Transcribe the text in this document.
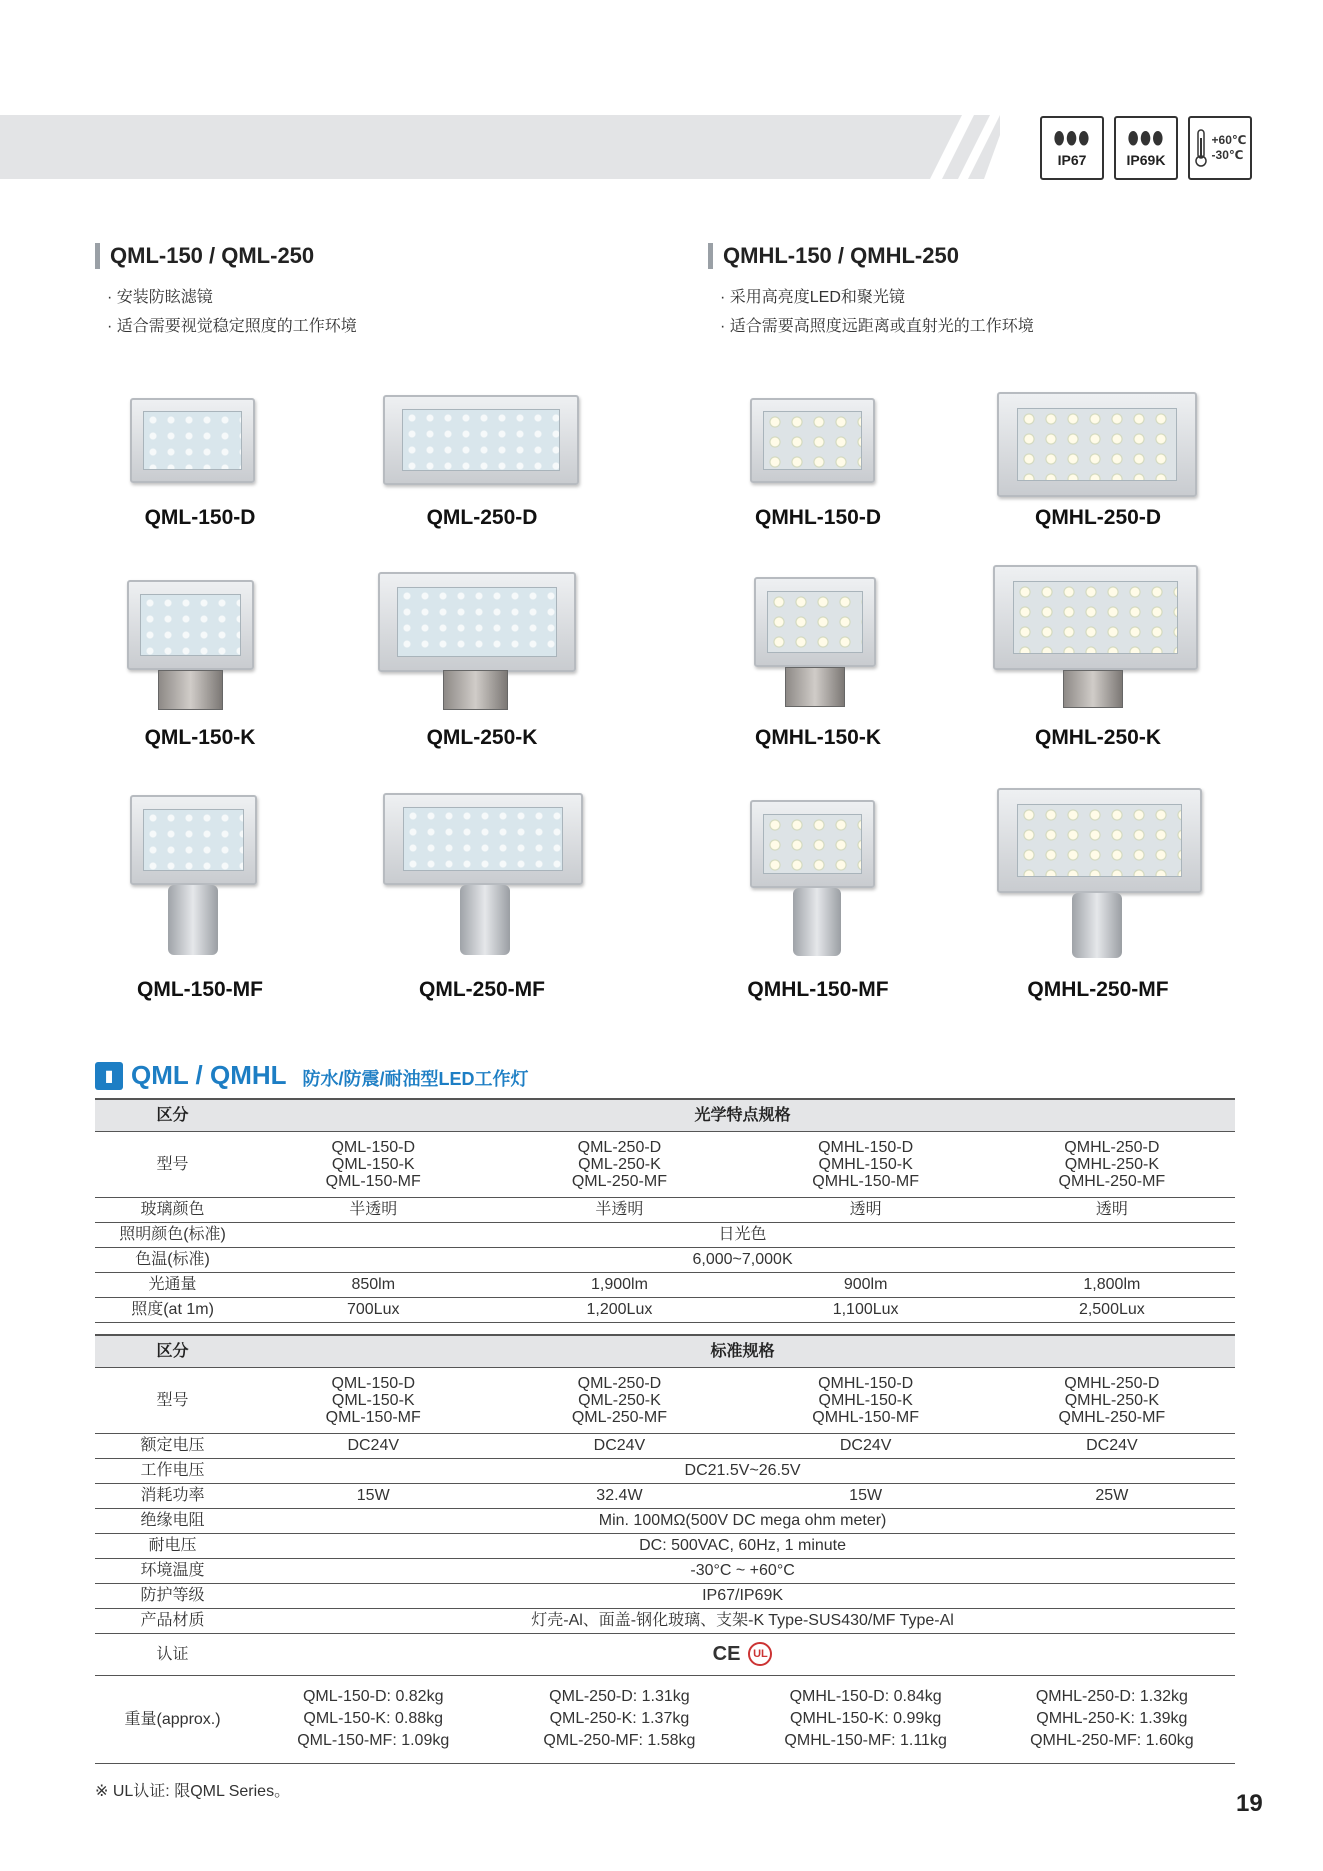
⬮⬮⬮
IP67
⬮⬮⬮
IP69K
+60℃
-30℃
QML-150 / QML-250
· 安装防眩滤镜
· 适合需要视觉稳定照度的工作环境
QMHL-150 / QMHL-250
· 采用高亮度LED和聚光镜
· 适合需要高照度远距离或直射光的工作环境
QML-150-D	QML-250-D	QMHL-150-D	QMHL-250-D
QML-150-K	QML-250-K	QMHL-150-K	QMHL-250-K
QML-150-MF	QML-250-MF	QMHL-150-MF	QMHL-250-MF
▮ QML / QMHL 防水/防震/耐油型LED工作灯
区分	光学特点规格			
型号	QML-150-D
QML-150-K
QML-150-MF	QML-250-D
QML-250-K
QML-250-MF	QMHL-150-D
QMHL-150-K
QMHL-150-MF	QMHL-250-D
QMHL-250-K
QMHL-250-MF
玻璃颜色	半透明	半透明	透明	透明
照明颜色(标准)	日光色			
色温(标准)	6,000~7,000K			
光通量	850lm	1,900lm	900lm	1,800lm
照度(at 1m)	700Lux	1,200Lux	1,100Lux	2,500Lux
区分	标准规格			
型号	QML-150-D
QML-150-K
QML-150-MF	QML-250-D
QML-250-K
QML-250-MF	QMHL-150-D
QMHL-150-K
QMHL-150-MF	QMHL-250-D
QMHL-250-K
QMHL-250-MF
额定电压	DC24V	DC24V	DC24V	DC24V
工作电压	DC21.5V~26.5V			
消耗功率	15W	32.4W	15W	25W
绝缘电阻	Min. 100MΩ(500V DC mega ohm meter)			
耐电压	DC: 500VAC, 60Hz, 1 minute			
环境温度	-30°C ~ +60°C			
防护等级	IP67/IP69K			
产品材质	灯壳-Al、面盖-钢化玻璃、支架-K Type-SUS430/MF Type-Al			
认证	CE UL			

重量(approx.)	QML-150-D: 0.82kg
QML-150-K: 0.88kg
QML-150-MF: 1.09kg	QML-250-D: 1.31kg
QML-250-K: 1.37kg
QML-250-MF: 1.58kg	QMHL-150-D: 0.84kg
QMHL-150-K: 0.99kg
QMHL-150-MF: 1.11kg	QMHL-250-D: 1.32kg
QMHL-250-K: 1.39kg
QMHL-250-MF: 1.60kg
※ UL认证: 限QML Series。	19
